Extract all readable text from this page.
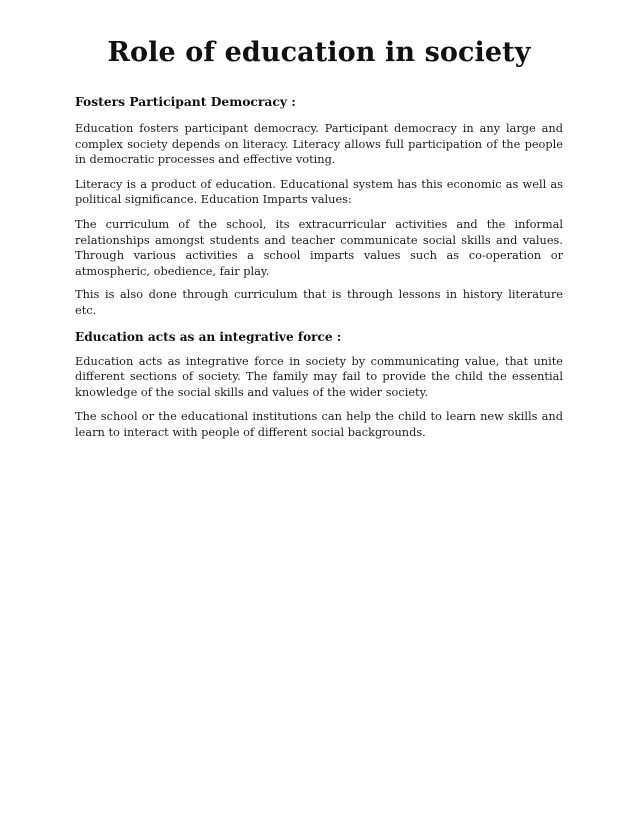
Role of education in society
Fosters Participant Democracy :

Education fosters participant democracy. Participant democracy in any large and complex society depends on literacy. Literacy allows full participation of the people in democratic processes and effective voting.

Literacy is a product of education. Educational system has this economic as well as political significance. Education Imparts values:

The curriculum of the school, its extracurricular activities and the informal relationships amongst students and teacher communicate social skills and values. Through various activities a school imparts values such as co-operation or atmospheric, obedience, fair play.

This is also done through curriculum that is through lessons in history literature etc.

Education acts as an integrative force :

Education acts as integrative force in society by communicating value, that unite different sections of society. The family may fail to provide the child the essential knowledge of the social skills and values of the wider society.

The school or the educational institutions can help the child to learn new skills and learn to interact with people of different social backgrounds.
